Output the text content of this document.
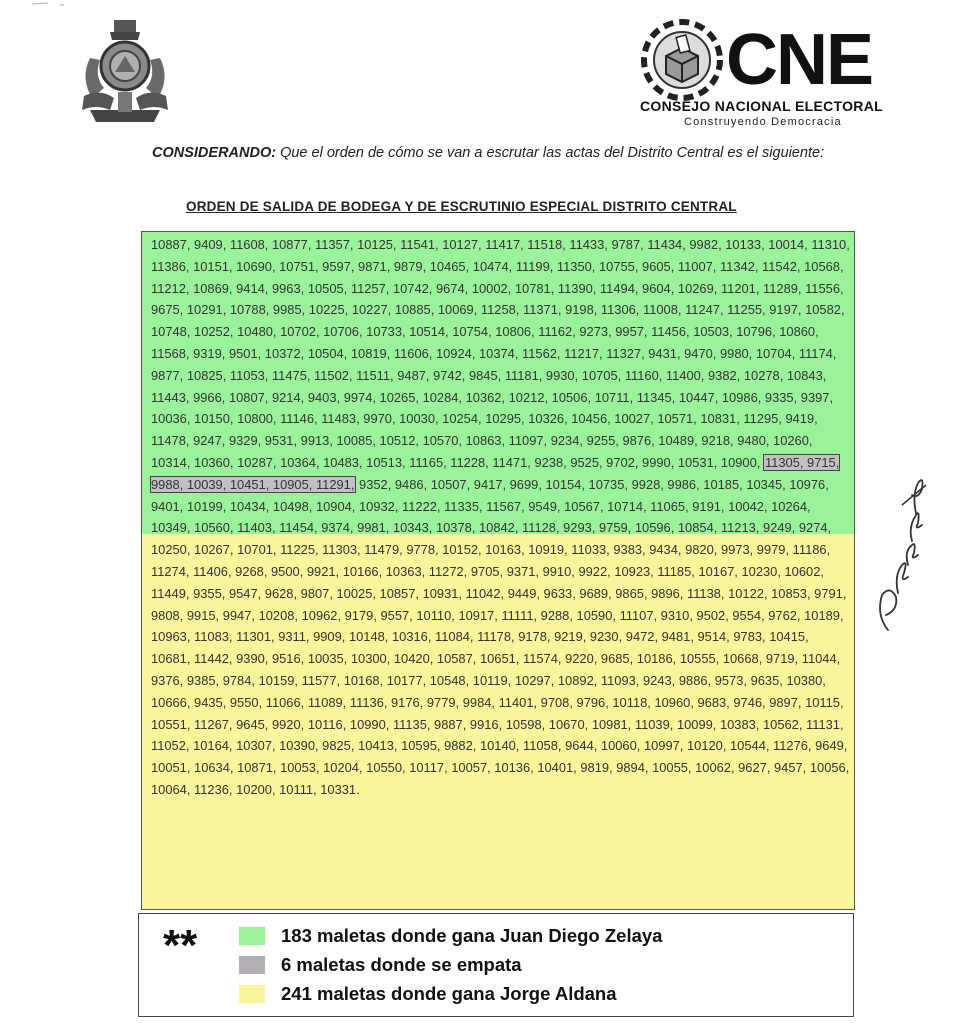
CNE
CONSEJO NACIONAL ELECTORAL
Construyendo Democracia
CONSIDERANDO: Que el orden de cómo se van a escrutar las actas del Distrito Central es el siguiente:
ORDEN DE SALIDA DE BODEGA Y DE ESCRUTINIO ESPECIAL DISTRITO CENTRAL
10887, 9409, 11608, 10877, 11357, 10125, 11541, 10127, 11417, 11518, 11433, 9787, 11434, 9982, 10133, 10014, 11310, 11386, 10151, 10690, 10751, 9597, 9871, 9879, 10465, 10474, 11199, 11350, 10755, 9605, 11007, 11342, 11542, 10568, 11212, 10869, 9414, 9963, 10505, 11257, 10742, 9674, 10002, 10781, 11390, 11494, 9604, 10269, 11201, 11289, 11556, 9675, 10291, 10788, 9985, 10225, 10227, 10885, 10069, 11258, 11371, 9198, 11306, 11008, 11247, 11255, 9197, 10582, 10748, 10252, 10480, 10702, 10706, 10733, 10514, 10754, 10806, 11162, 9273, 9957, 11456, 10503, 10796, 10860, 11568, 9319, 9501, 10372, 10504, 10819, 11606, 10924, 10374, 11562, 11217, 11327, 9431, 9470, 9980, 10704, 11174, 9877, 10825, 11053, 11475, 11502, 11511, 9487, 9742, 9845, 11181, 9930, 10705, 11160, 11400, 9382, 10278, 10843, 11443, 9966, 10807, 9214, 9403, 9974, 10265, 10284, 10362, 10212, 10506, 10711, 11345, 10447, 10986, 9335, 9397, 10036, 10150, 10800, 11146, 11483, 9970, 10030, 10254, 10295, 10326, 10456, 10027, 10571, 10831, 11295, 9419, 11478, 9247, 9329, 9531, 9913, 10085, 10512, 10570, 10863, 11097, 9234, 9255, 9876, 10489, 9218, 9480, 10260, 10314, 10360, 10287, 10364, 10483, 10513, 11165, 11228, 11471, 9238, 9525, 9702, 9990, 10531, 10900, 11305, 9715, 9988, 10039, 10451, 10905, 11291, 9352, 9486, 10507, 9417, 9699, 10154, 10735, 9928, 9986, 10185, 10345, 10976, 9401, 10199, 10434, 10498, 10904, 10932, 11222, 11335, 11567, 9549, 10567, 10714, 11065, 9191, 10042, 10264, 10349, 10560, 11403, 11454, 9374, 9981, 10343, 10378, 10842, 11128, 9293, 9759, 10596, 10854, 11213, 9249, 9274, 10250, 10267, 10701, 11225, 11303, 11479, 9778, 10152, 10163, 10919, 11033, 9383, 9434, 9820, 9973, 9979, 11186, 11274, 11406, 9268, 9500, 9921, 10166, 10363, 11272, 9705, 9371, 9910, 9922, 10923, 11185, 10167, 10230, 10602, 11449, 9355, 9547, 9628, 9807, 10025, 10857, 10931, 11042, 9449, 9633, 9689, 9865, 9896, 11138, 10122, 10853, 9791, 9808, 9915, 9947, 10208, 10962, 9179, 9557, 10110, 10917, 11111, 9288, 10590, 11107, 9310, 9502, 9554, 9762, 10189, 10963, 11083, 11301, 9311, 9909, 10148, 10316, 11084, 11178, 9178, 9219, 9230, 9472, 9481, 9514, 9783, 10415, 10681, 11442, 9390, 9516, 10035, 10300, 10420, 10587, 10651, 11574, 9220, 9685, 10186, 10555, 10668, 9719, 11044, 9376, 9385, 9784, 10159, 11577, 10168, 10177, 10548, 10119, 10297, 10892, 11093, 9243, 9886, 9573, 9635, 10380, 10666, 9435, 9550, 11066, 11089, 11136, 9176, 9779, 9984, 11401, 9708, 9796, 10118, 10960, 9683, 9746, 9897, 10115, 10551, 11267, 9645, 9920, 10116, 10990, 11135, 9887, 9916, 10598, 10670, 10981, 11039, 10099, 10383, 10562, 11131, 11052, 10164, 10307, 10390, 9825, 10413, 10595, 9882, 10140, 11058, 9644, 10060, 10997, 10120, 10544, 11276, 9649, 10051, 10634, 10871, 10053, 10204, 10550, 10117, 10057, 10136, 10401, 9819, 9894, 10055, 10062, 9627, 9457, 10056, 10064, 11236, 10200, 10111, 10331.
**	183 maletas donde gana Juan Diego Zelaya
6 maletas donde se empata
241 maletas donde gana Jorge Aldana
